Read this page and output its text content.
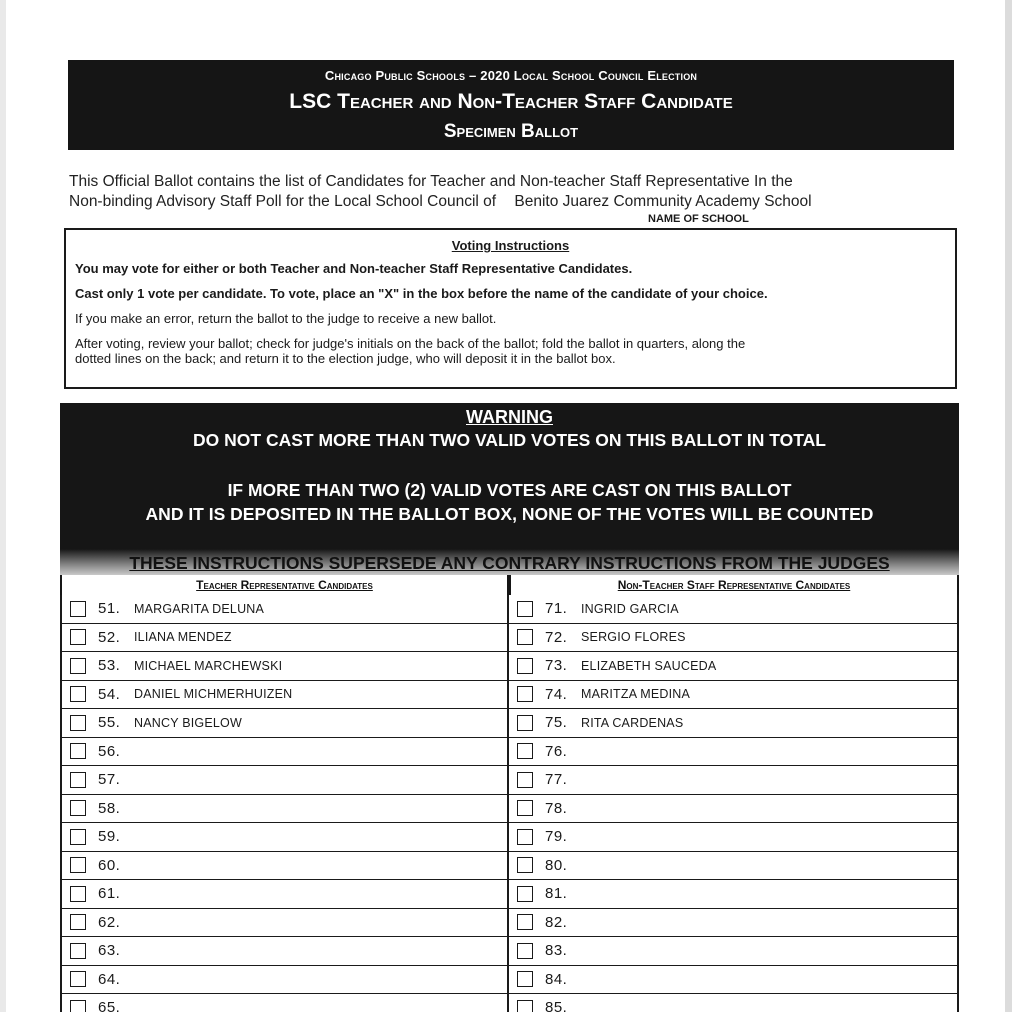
Chicago Public Schools – 2020 Local School Council Election
LSC Teacher and Non-Teacher Staff Candidate
Specimen Ballot
This Official Ballot contains the list of Candidates for Teacher and Non-teacher Staff Representative In the
Non-binding Advisory Staff Poll for the Local School Council of Benito Juarez Community Academy School
NAME OF SCHOOL
Voting Instructions
You may vote for either or both Teacher and Non-teacher Staff Representative Candidates.
Cast only 1 vote per candidate. To vote, place an "X" in the box before the name of the candidate of your choice.
If you make an error, return the ballot to the judge to receive a new ballot.
After voting, review your ballot; check for judge's initials on the back of the ballot; fold the ballot in quarters, along the
dotted lines on the back; and return it to the election judge, who will deposit it in the ballot box.
WARNING
DO NOT CAST MORE THAN TWO VALID VOTES ON THIS BALLOT IN TOTAL
IF MORE THAN TWO (2) VALID VOTES ARE CAST ON THIS BALLOT
AND IT IS DEPOSITED IN THE BALLOT BOX, NONE OF THE VOTES WILL BE COUNTED
THESE INSTRUCTIONS SUPERSEDE ANY CONTRARY INSTRUCTIONS FROM THE JUDGES
Teacher Representative Candidates	Non-Teacher Staff Representative Candidates
51.	MARGARITA DELUNA	71.	INGRID GARCIA
52.	ILIANA MENDEZ	72.	SERGIO FLORES
53.	MICHAEL MARCHEWSKI	73.	ELIZABETH SAUCEDA
54.	DANIEL MICHMERHUIZEN	74.	MARITZA MEDINA
55.	NANCY BIGELOW	75.	RITA CARDENAS
56.	76.
57.	77.
58.	78.
59.	79.
60.	80.
61.	81.
62.	82.
63.	83.
64.	84.
65.	85.
